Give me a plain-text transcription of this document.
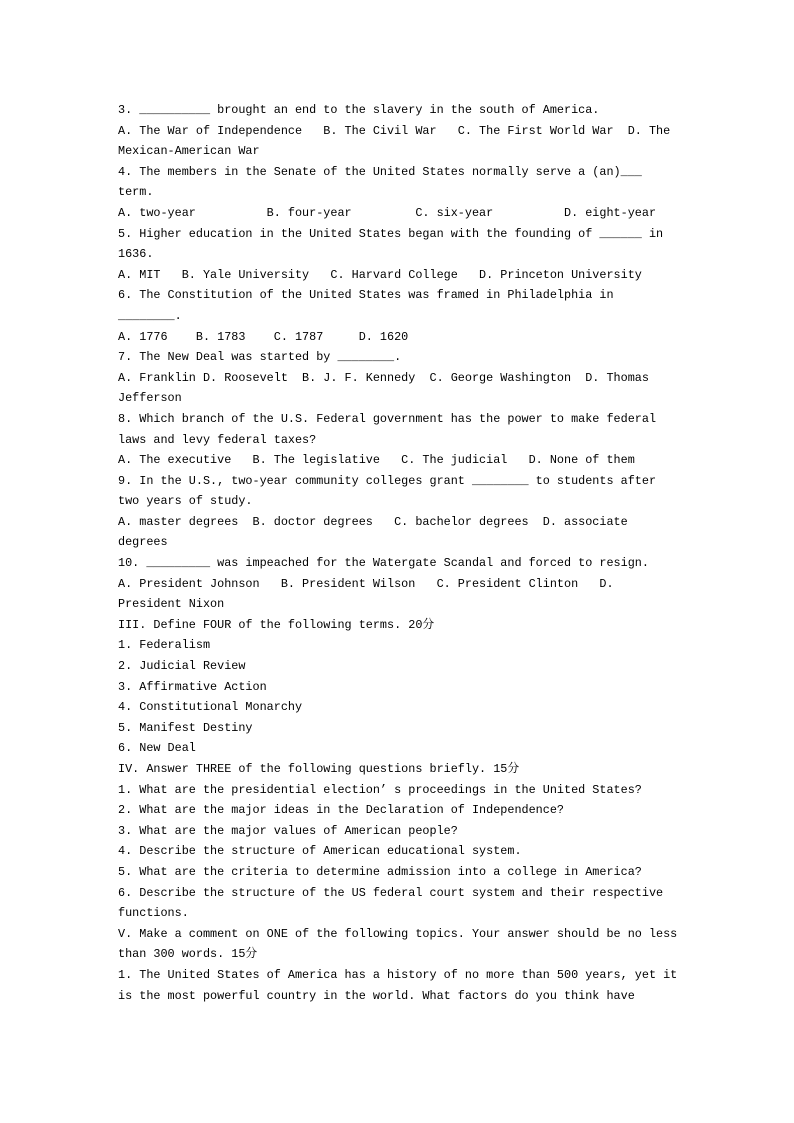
3. __________ brought an end to the slavery in the south of America.
A. The War of Independence   B. The Civil War   C. The First World War  D. The
Mexican-American War
4. The members in the Senate of the United States normally serve a (an)___
term.
A. two-year          B. four-year         C. six-year          D. eight-year
5. Higher education in the United States began with the founding of ______ in
1636.
A. MIT   B. Yale University   C. Harvard College   D. Princeton University
6. The Constitution of the United States was framed in Philadelphia in
________.
A. 1776    B. 1783    C. 1787     D. 1620
7. The New Deal was started by ________.
A. Franklin D. Roosevelt  B. J. F. Kennedy  C. George Washington  D. Thomas
Jefferson
8. Which branch of the U.S. Federal government has the power to make federal
laws and levy federal taxes?
A. The executive   B. The legislative   C. The judicial   D. None of them
9. In the U.S., two-year community colleges grant ________ to students after
two years of study.
A. master degrees  B. doctor degrees   C. bachelor degrees  D. associate
degrees
10. _________ was impeached for the Watergate Scandal and forced to resign.
A. President Johnson   B. President Wilson   C. President Clinton   D.
President Nixon
III. Define FOUR of the following terms. 20分
1. Federalism
2. Judicial Review
3. Affirmative Action
4. Constitutional Monarchy
5. Manifest Destiny
6. New Deal
IV. Answer THREE of the following questions briefly. 15分
1. What are the presidential election’ s proceedings in the United States?
2. What are the major ideas in the Declaration of Independence?
3. What are the major values of American people?
4. Describe the structure of American educational system.
5. What are the criteria to determine admission into a college in America?
6. Describe the structure of the US federal court system and their respective
functions.
V. Make a comment on ONE of the following topics. Your answer should be no less
than 300 words. 15分
1. The United States of America has a history of no more than 500 years, yet it
is the most powerful country in the world. What factors do you think have
